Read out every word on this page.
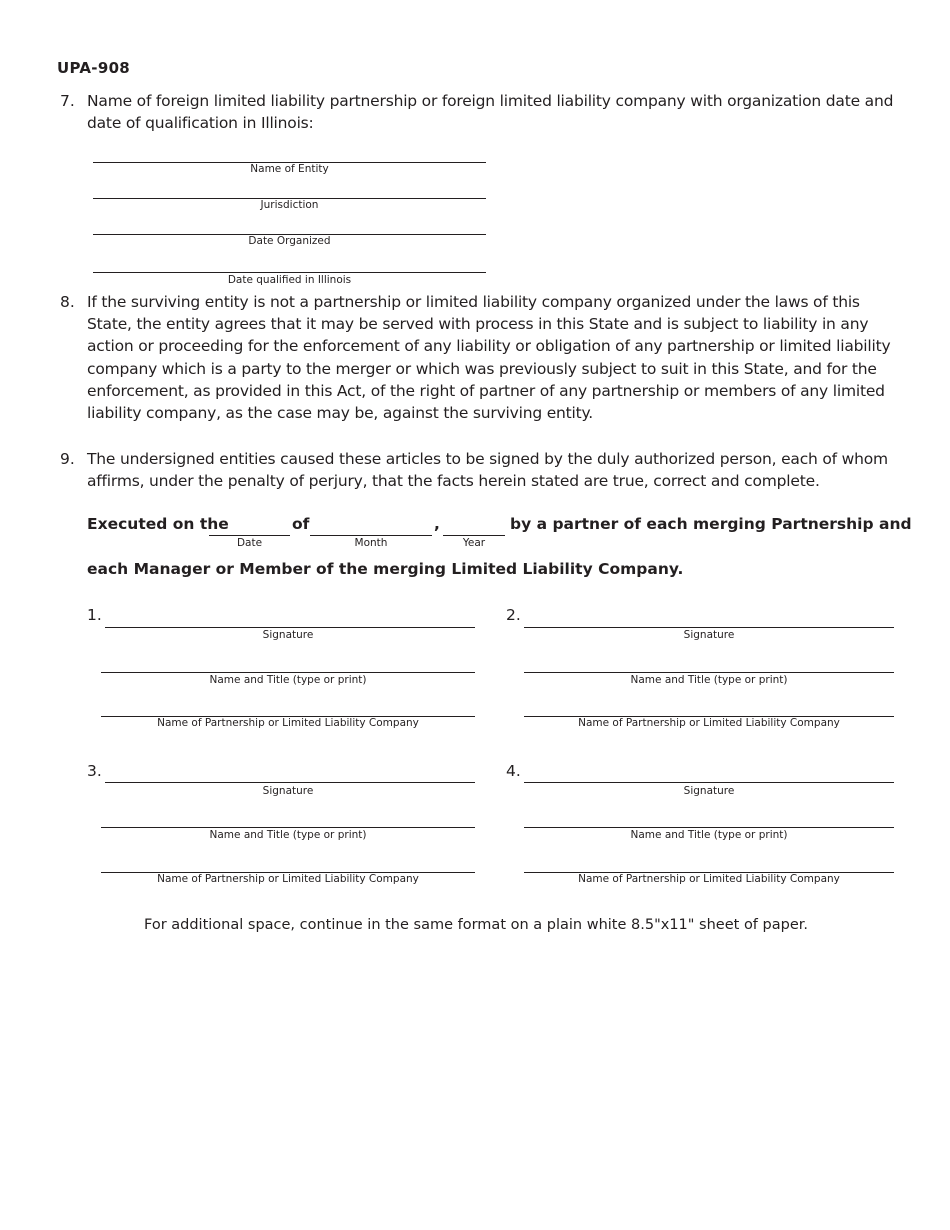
UPA-908
7. Name of foreign limited liability partnership or foreign limited liability company with organization date and date of qualification in Illinois:
Name of Entity
Jurisdiction
Date Organized
Date qualified in Illinois
8. If the surviving entity is not a partnership or limited liability company organized under the laws of this State, the entity agrees that it may be served with process in this State and is subject to liability in any action or proceeding for the enforcement of any liability or obligation of any partnership or limited liability company which is a party to the merger or which was previously subject to suit in this State, and for the enforcement, as provided in this Act, of the right of partner of any partnership or members of any limited liability company, as the case may be, against the surviving entity.
9. The undersigned entities caused these articles to be signed by the duly authorized person, each of whom affirms, under the penalty of perjury, that the facts herein stated are true, correct and complete.
Executed on the
Date
of
Month
,
Year
by a partner of each merging Partnership and
each Manager or Member of the merging Limited Liability Company.
1.
Signature
Name and Title (type or print)
Name of Partnership or Limited Liability Company
2.
Signature
Name and Title (type or print)
Name of Partnership or Limited Liability Company
3.
Signature
Name and Title (type or print)
Name of Partnership or Limited Liability Company
4.
Signature
Name and Title (type or print)
Name of Partnership or Limited Liability Company
For additional space, continue in the same format on a plain white 8.5"x11" sheet of paper.
